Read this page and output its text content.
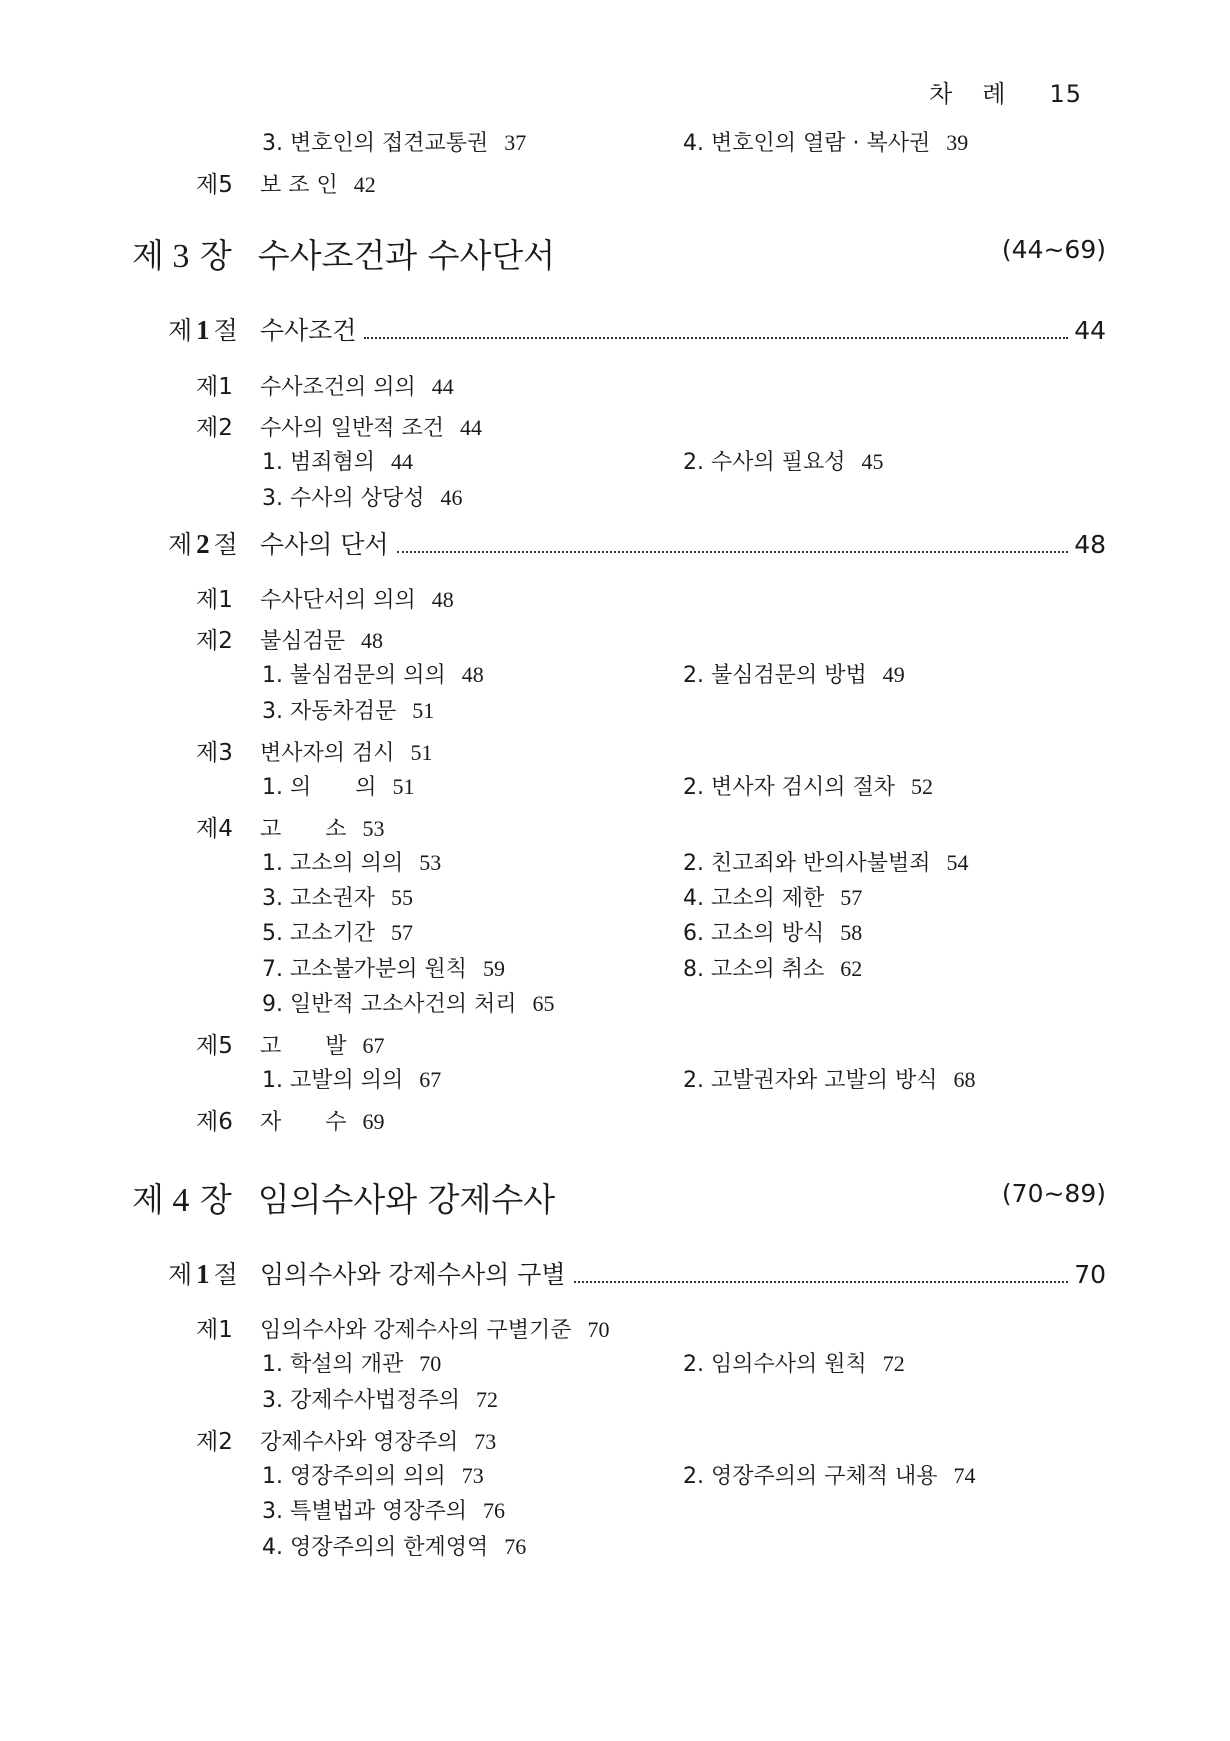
차례 15
3. 변호인의 접견교통권 37	4. 변호인의 열람 · 복사권 39
제5 보 조 인 42
제 3 장 수사조건과 수사단서	(44~69)
제 1 절 수사조건	44
제1 수사조건의 의의 44
제2 수사의 일반적 조건 44
1. 범죄혐의 44	2. 수사의 필요성 45
3. 수사의 상당성 46
제 2 절 수사의 단서	48
제1 수사단서의 의의 48
제2 불심검문 48
1. 불심검문의 의의 48	2. 불심검문의 방법 49
3. 자동차검문 51
제3 변사자의 검시 51
1. 의　　의 51	2. 변사자 검시의 절차 52
제4 고　　소 53
1. 고소의 의의 53	2. 친고죄와 반의사불벌죄 54
3. 고소권자 55	4. 고소의 제한 57
5. 고소기간 57	6. 고소의 방식 58
7. 고소불가분의 원칙 59	8. 고소의 취소 62
9. 일반적 고소사건의 처리 65
제5 고　　발 67
1. 고발의 의의 67	2. 고발권자와 고발의 방식 68
제6 자　　수 69
제 4 장 임의수사와 강제수사	(70~89)
제 1 절 임의수사와 강제수사의 구별	70
제1 임의수사와 강제수사의 구별기준 70
1. 학설의 개관 70	2. 임의수사의 원칙 72
3. 강제수사법정주의 72
제2 강제수사와 영장주의 73
1. 영장주의의 의의 73	2. 영장주의의 구체적 내용 74
3. 특별법과 영장주의 76
4. 영장주의의 한계영역 76
